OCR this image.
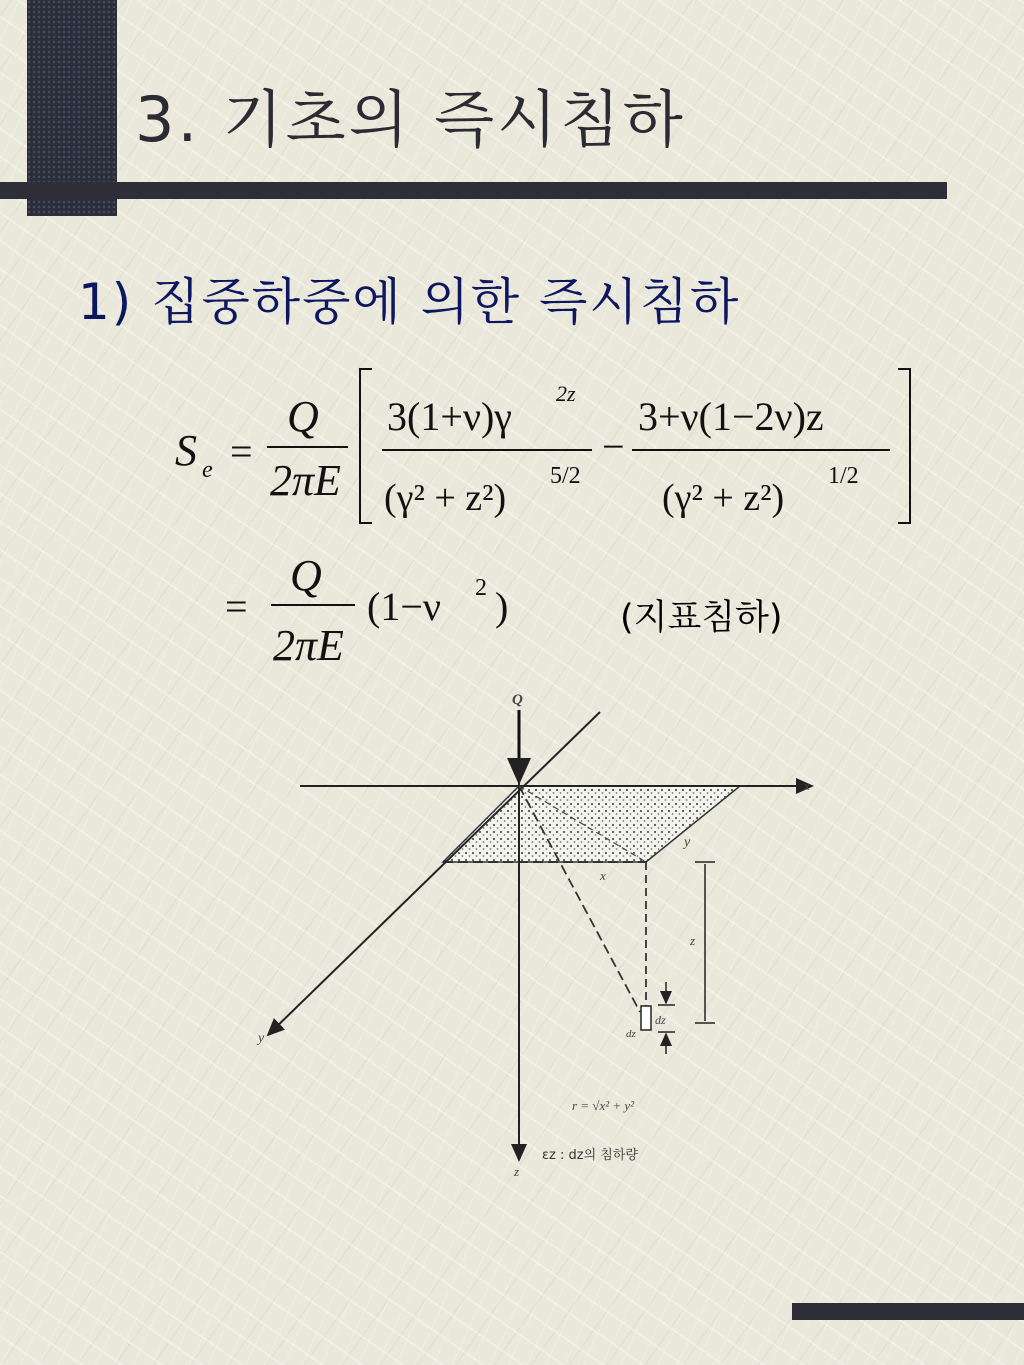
3. 기초의 즉시침하
1) 집중하중에 의한 즉시침하
S e =
Q
2πE
3(1+ν)γ
2z
(γ² + z²)
5/2
−
3+ν(1−2ν)z
(γ² + z²)
1/2
=
Q
2πE
(1−ν 2 )	(지표침하)
Q
x
y
y
x
z
dz
dz
z
r = √x² + y²
εz : dz의 침하량
